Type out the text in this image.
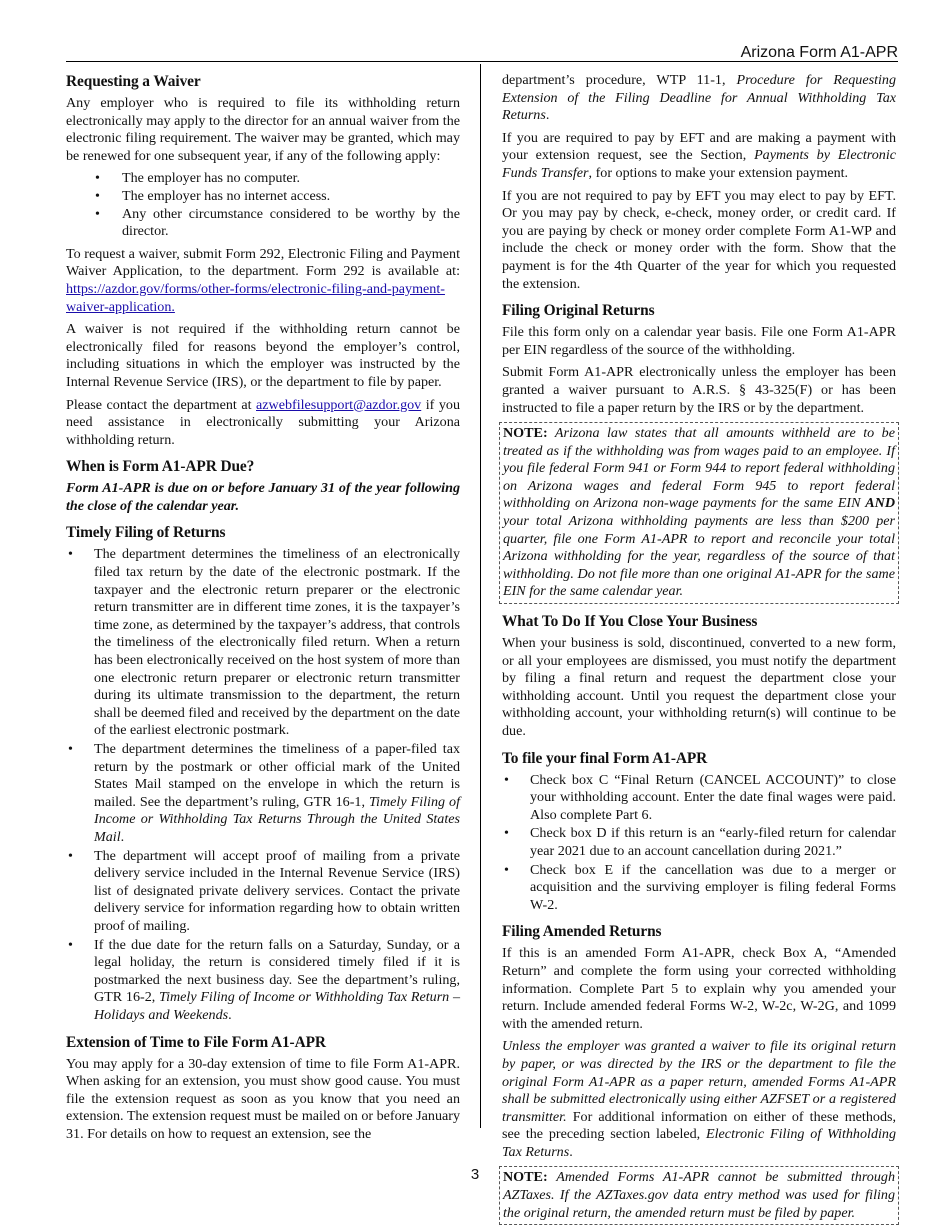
Arizona Form A1-APR
Requesting a Waiver

Any employer who is required to file its withholding return electronically may apply to the director for an annual waiver from the electronic filing requirement. The waiver may be granted, which may be renewed for one subsequent year, if any of the following apply:

• The employer has no computer.
• The employer has no internet access.
• Any other circumstance considered to be worthy by the director.

To request a waiver, submit Form 292, Electronic Filing and Payment Waiver Application, to the department. Form 292 is available at: https://azdor.gov/forms/other-forms/electronic-filing-and-payment-waiver-application.

A waiver is not required if the withholding return cannot be electronically filed for reasons beyond the employer’s control, including situations in which the employer was instructed by the Internal Revenue Service (IRS), or the department to file by paper.

Please contact the department at azwebfilesupport@azdor.gov if you need assistance in electronically submitting your Arizona withholding return.

When is Form A1-APR Due?

Form A1-APR is due on or before January 31 of the year following the close of the calendar year.

Timely Filing of Returns
• The department determines the timeliness of an electronically filed tax return by the date of the electronic postmark. If the taxpayer and the electronic return preparer or the electronic return transmitter are in different time zones, it is the taxpayer’s time zone, as determined by the taxpayer’s address, that controls the timeliness of the electronically filed return. When a return has been electronically received on the host system of more than one electronic return preparer or electronic return transmitter during its ultimate transmission to the department, the return shall be deemed filed and received by the department on the date of the earliest electronic postmark.
• The department determines the timeliness of a paper-filed tax return by the postmark or other official mark of the United States Mail stamped on the envelope in which the return is mailed. See the department’s ruling, GTR 16-1, Timely Filing of Income or Withholding Tax Returns Through the United States Mail.
• The department will accept proof of mailing from a private delivery service included in the Internal Revenue Service (IRS) list of designated private delivery services. Contact the private delivery service for information regarding how to obtain written proof of mailing.
• If the due date for the return falls on a Saturday, Sunday, or a legal holiday, the return is considered timely filed if it is postmarked the next business day. See the department’s ruling, GTR 16-2, Timely Filing of Income or Withholding Tax Return – Holidays and Weekends.
Extension of Time to File Form A1-APR

You may apply for a 30-day extension of time to file Form A1-APR. When asking for an extension, you must show good cause. You must file the extension request as soon as you know that you need an extension. The extension request must be mailed on or before January 31. For details on how to request an extension, see the

department’s procedure, WTP 11-1, Procedure for Requesting Extension of the Filing Deadline for Annual Withholding Tax Returns.

If you are required to pay by EFT and are making a payment with your extension request, see the Section, Payments by Electronic Funds Transfer, for options to make your extension payment.

If you are not required to pay by EFT you may elect to pay by EFT. Or you may pay by check, e-check, money order, or credit card. If you are paying by check or money order complete Form A1-WP and include the check or money order with the form. Show that the payment is for the 4th Quarter of the year for which you requested the extension.

Filing Original Returns

File this form only on a calendar year basis. File one Form A1-APR per EIN regardless of the source of the withholding.

Submit Form A1-APR electronically unless the employer has been granted a waiver pursuant to A.R.S. § 43-325(F) or has been instructed to file a paper return by the IRS or by the department.

NOTE: Arizona law states that all amounts withheld are to be treated as if the withholding was from wages paid to an employee. If you file federal Form 941 or Form 944 to report federal withholding on Arizona wages and federal Form 945 to report federal withholding on Arizona non-wage payments for the same EIN AND your total Arizona withholding payments are less than $200 per quarter, file one Form A1-APR to report and reconcile your total Arizona withholding for the year, regardless of the source of that withholding. Do not file more than one original A1-APR for the same EIN for the same calendar year.
What To Do If You Close Your Business

When your business is sold, discontinued, converted to a new form, or all your employees are dismissed, you must notify the department by filing a final return and request the department close your withholding account. Until you request the department close your withholding account, your withholding return(s) will continue to be due.

To file your final Form A1-APR
• Check box C “Final Return (CANCEL ACCOUNT)” to close your withholding account. Enter the date final wages were paid. Also complete Part 6.
• Check box D if this return is an “early-filed return for calendar year 2021 due to an account cancellation during 2021.”
• Check box E if the cancellation was due to a merger or acquisition and the surviving employer is filing federal Forms W-2.
Filing Amended Returns

If this is an amended Form A1-APR, check Box A, “Amended Return” and complete the form using your corrected withholding information. Complete Part 5 to explain why you amended your return. Include amended federal Forms W-2, W-2c, W-2G, and 1099 with the amended return.

Unless the employer was granted a waiver to file its original return by paper, or was directed by the IRS or the department to file the original Form A1-APR as a paper return, amended Forms A1-APR shall be submitted electronically using either AZFSET or a registered transmitter. For additional information on either of these methods, see the preceding section labeled, Electronic Filing of Withholding Tax Returns.

NOTE: Amended Forms A1-APR cannot be submitted through AZTaxes. If the AZTaxes.gov data entry method was used for filing the original return, the amended return must be filed by paper.
3
